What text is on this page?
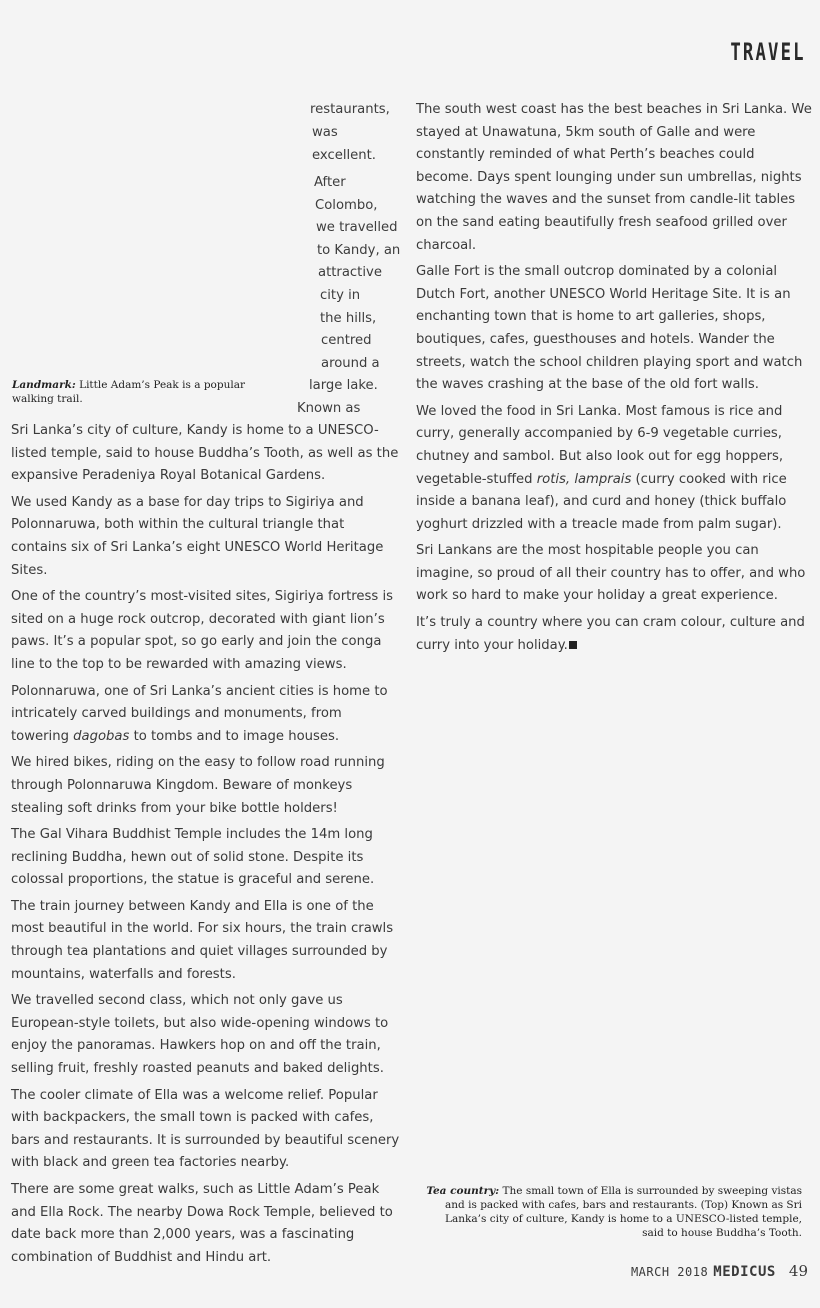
TRAVEL
restaurants,
was
excellent.
After
Colombo,
we travelled
to Kandy, an
attractive
city in
the hills,
centred
around a
large lake.
Known as
Landmark: Little Adam’s Peak is a popular walking trail.

Sri Lanka’s city of culture, Kandy is home to a UNESCO-listed temple, said to house Buddha’s Tooth, as well as the expansive Peradeniya Royal Botanical Gardens.

We used Kandy as a base for day trips to Sigiriya and Polonnaruwa, both within the cultural triangle that contains six of Sri Lanka’s eight UNESCO World Heritage Sites.

One of the country’s most-visited sites, Sigiriya fortress is sited on a huge rock outcrop, decorated with giant lion’s paws. It’s a popular spot, so go early and join the conga line to the top to be rewarded with amazing views.

Polonnaruwa, one of Sri Lanka’s ancient cities is home to intricately carved buildings and monuments, from towering dagobas to tombs and to image houses.

We hired bikes, riding on the easy to follow road running through Polonnaruwa Kingdom. Beware of monkeys stealing soft drinks from your bike bottle holders!

The Gal Vihara Buddhist Temple includes the 14m long reclining Buddha, hewn out of solid stone. Despite its colossal proportions, the statue is graceful and serene.

The train journey between Kandy and Ella is one of the most beautiful in the world. For six hours, the train crawls through tea plantations and quiet villages surrounded by mountains, waterfalls and forests.

We travelled second class, which not only gave us European-style toilets, but also wide-opening windows to enjoy the panoramas. Hawkers hop on and off the train, selling fruit, freshly roasted peanuts and baked delights.

The cooler climate of Ella was a welcome relief. Popular with backpackers, the small town is packed with cafes, bars and restaurants. It is surrounded by beautiful scenery with black and green tea factories nearby.

There are some great walks, such as Little Adam’s Peak and Ella Rock. The nearby Dowa Rock Temple, believed to date back more than 2,000 years, was a fascinating combination of Buddhist and Hindu art.

The south west coast has the best beaches in Sri Lanka. We stayed at Unawatuna, 5km south of Galle and were constantly reminded of what Perth’s beaches could become. Days spent lounging under sun umbrellas, nights watching the waves and the sunset from candle-lit tables on the sand eating beautifully fresh seafood grilled over charcoal.

Galle Fort is the small outcrop dominated by a colonial Dutch Fort, another UNESCO World Heritage Site. It is an enchanting town that is home to art galleries, shops, boutiques, cafes, guesthouses and hotels. Wander the streets, watch the school children playing sport and watch the waves crashing at the base of the old fort walls.

We loved the food in Sri Lanka. Most famous is rice and curry, generally accompanied by 6-9 vegetable curries, chutney and sambol. But also look out for egg hoppers, vegetable-stuffed rotis, lamprais (curry cooked with rice inside a banana leaf), and curd and honey (thick buffalo yoghurt drizzled with a treacle made from palm sugar).

Sri Lankans are the most hospitable people you can imagine, so proud of all their country has to offer, and who work so hard to make your holiday a great experience.

It’s truly a country where you can cram colour, culture and curry into your holiday.

Tea country: The small town of Ella is surrounded by sweeping vistas and is packed with cafes, bars and restaurants. (Top) Known as Sri Lanka’s city of culture, Kandy is home to a UNESCO-listed temple, said to house Buddha’s Tooth.
MARCH 2018 MEDICUS 49
